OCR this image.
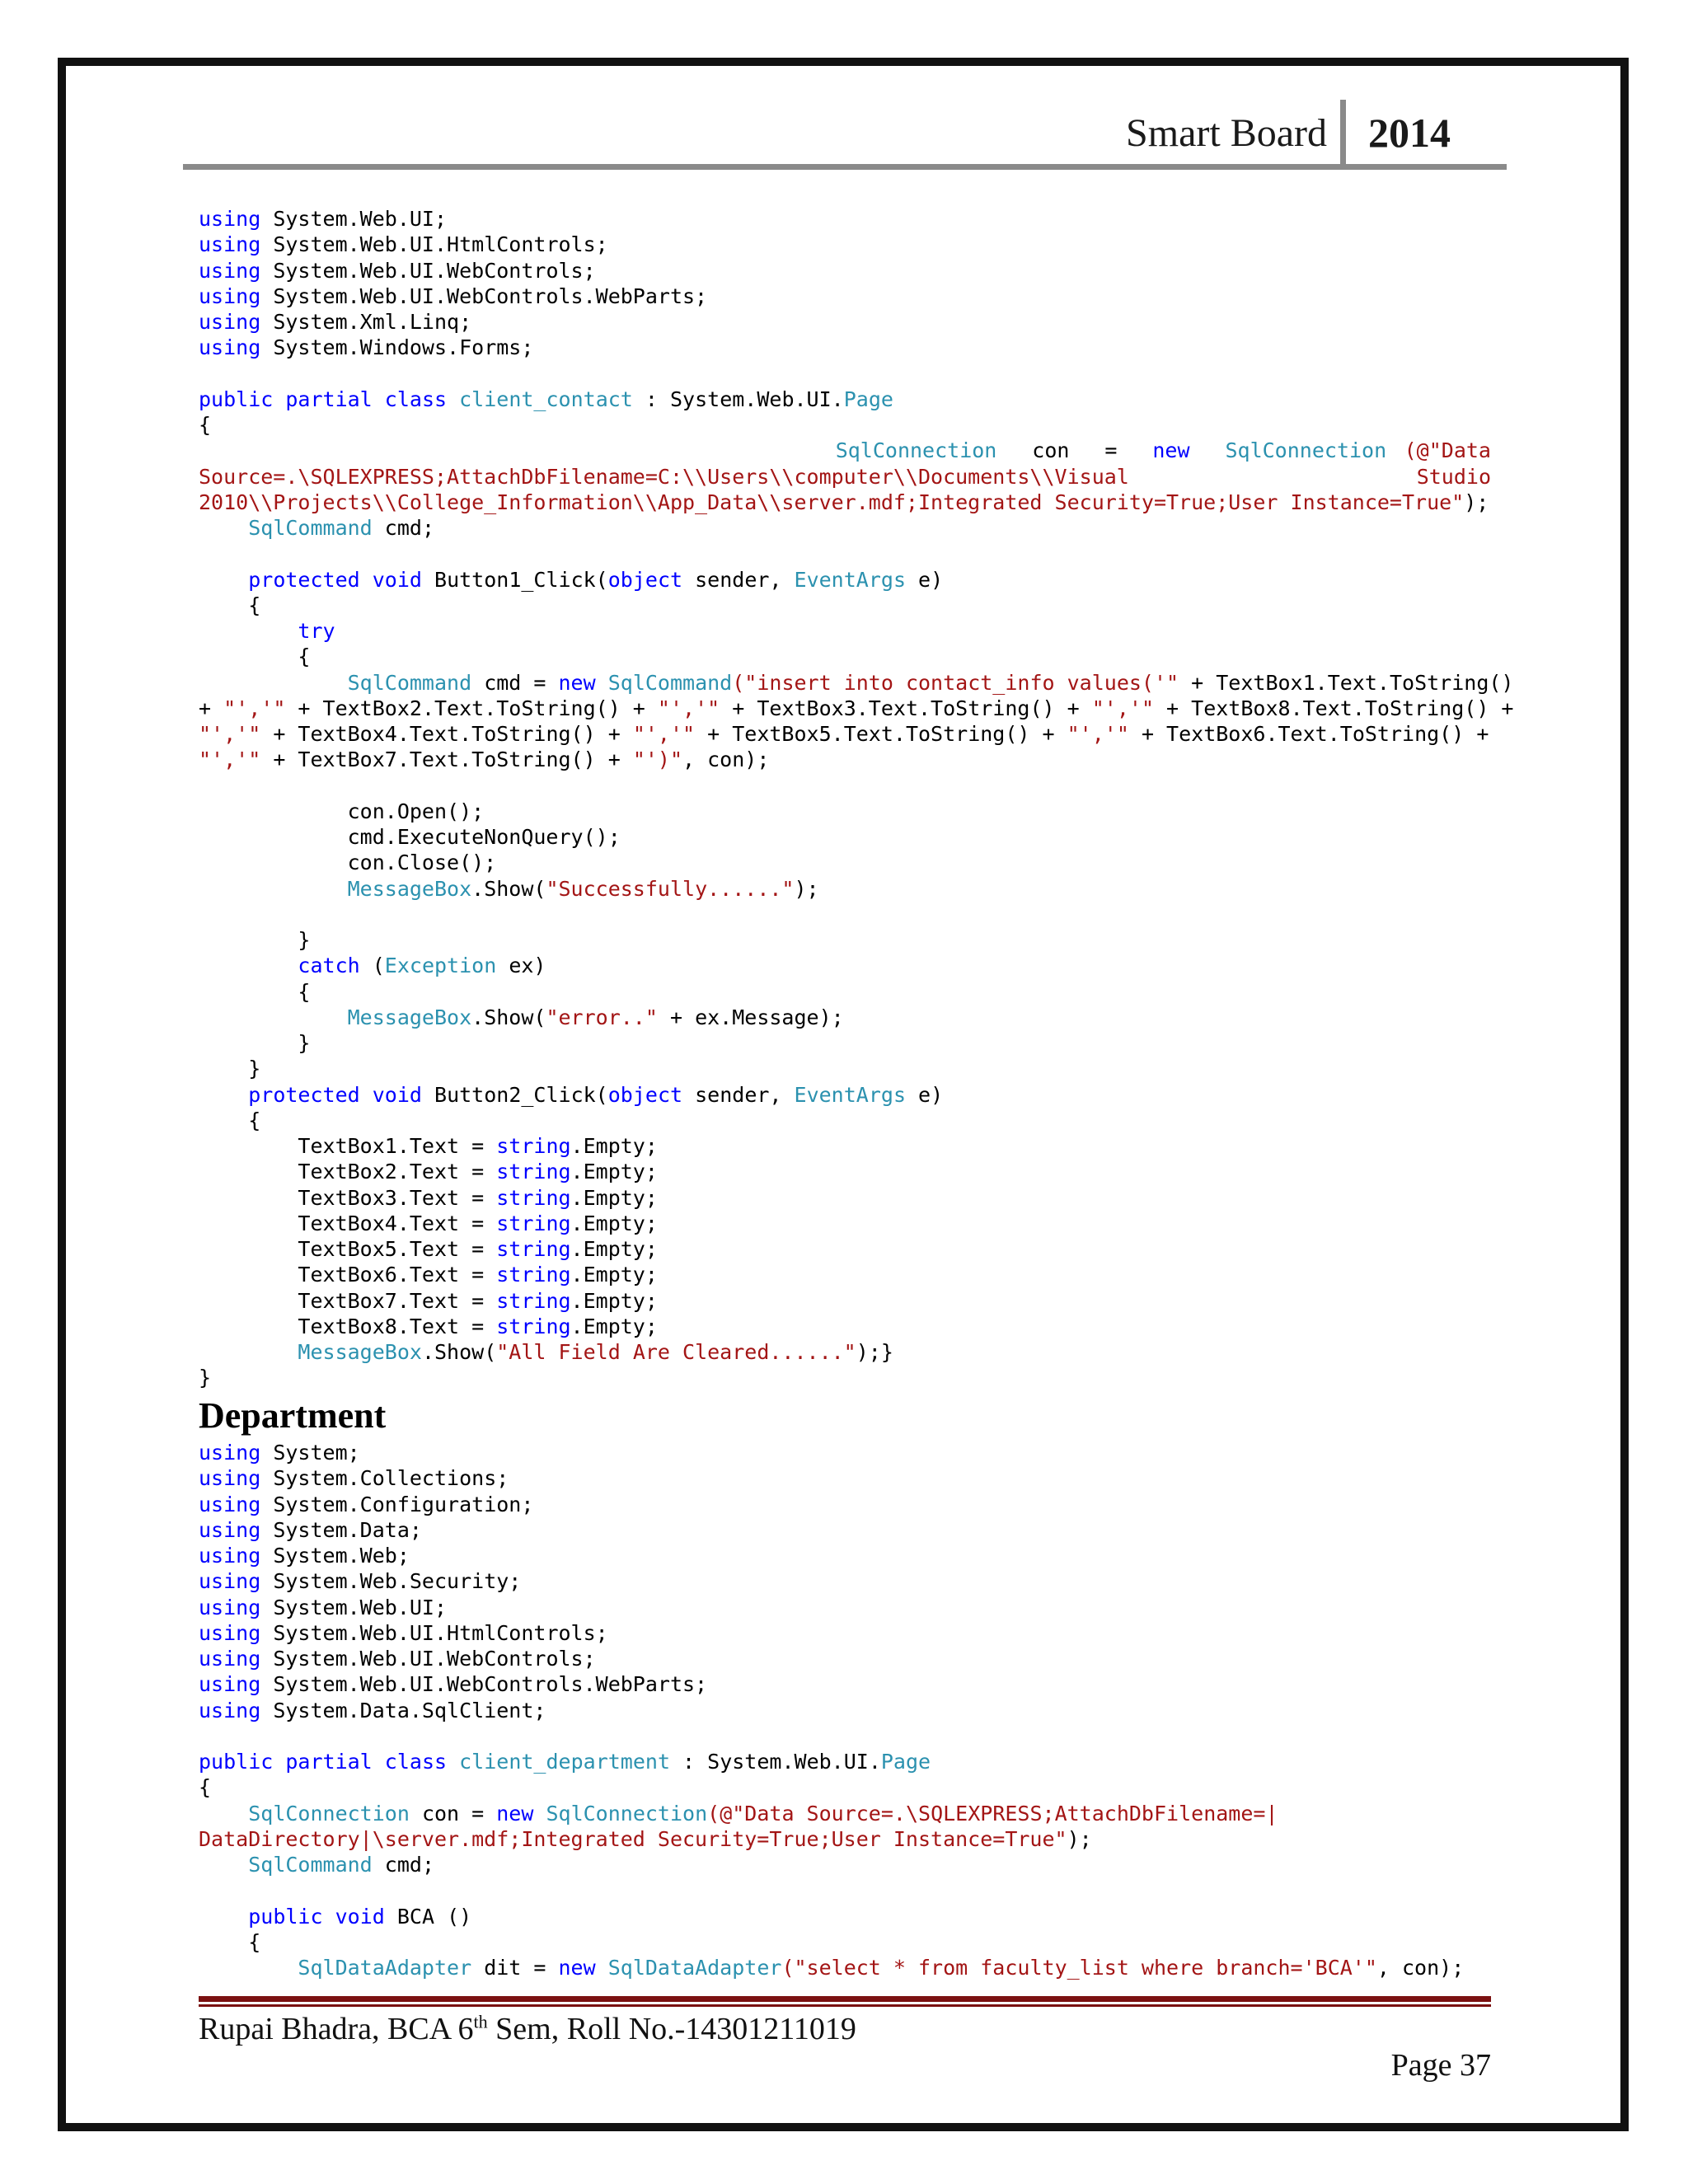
Smart Board 2014
using System.Web.UI;
using System.Web.UI.HtmlControls;
using System.Web.UI.WebControls;
using System.Web.UI.WebControls.WebParts;
using System.Xml.Linq;
using System.Windows.Forms;

public partial class client_contact : System.Web.UI.Page
{
SqlConnection  con  =  new  SqlConnection (@"Data
Source=.\SQLEXPRESS;AttachDbFilename=C:\\Users\\computer\\Documents\\Visual	Studio
2010\\Projects\\College_Information\\App_Data\\server.mdf;Integrated Security=True;User Instance=True");
SqlCommand cmd;

protected void Button1_Click(object sender, EventArgs e)
{
try
{
SqlCommand cmd = new SqlCommand("insert into contact_info values('" + TextBox1.Text.ToString()
+ "','" + TextBox2.Text.ToString() + "','" + TextBox3.Text.ToString() + "','" + TextBox8.Text.ToString() +
"','" + TextBox4.Text.ToString() + "','" + TextBox5.Text.ToString() + "','" + TextBox6.Text.ToString() +
"','" + TextBox7.Text.ToString() + "')", con);

con.Open();
cmd.ExecuteNonQuery();
con.Close();
MessageBox.Show("Successfully......");

}
catch (Exception ex)
{
MessageBox.Show("error.." + ex.Message);
}
}
protected void Button2_Click(object sender, EventArgs e)
{
TextBox1.Text = string.Empty;
TextBox2.Text = string.Empty;
TextBox3.Text = string.Empty;
TextBox4.Text = string.Empty;
TextBox5.Text = string.Empty;
TextBox6.Text = string.Empty;
TextBox7.Text = string.Empty;
TextBox8.Text = string.Empty;
MessageBox.Show("All Field Are Cleared......");}
}
Department
using System;
using System.Collections;
using System.Configuration;
using System.Data;
using System.Web;
using System.Web.Security;
using System.Web.UI;
using System.Web.UI.HtmlControls;
using System.Web.UI.WebControls;
using System.Web.UI.WebControls.WebParts;
using System.Data.SqlClient;

public partial class client_department : System.Web.UI.Page
{
SqlConnection con = new SqlConnection(@"Data Source=.\SQLEXPRESS;AttachDbFilename=|
DataDirectory|\server.mdf;Integrated Security=True;User Instance=True");
SqlCommand cmd;

public void BCA ()
{
SqlDataAdapter dit = new SqlDataAdapter("select * from faculty_list where branch='BCA'", con);
Rupai Bhadra, BCA 6th Sem, Roll No.-14301211019
Page 37
